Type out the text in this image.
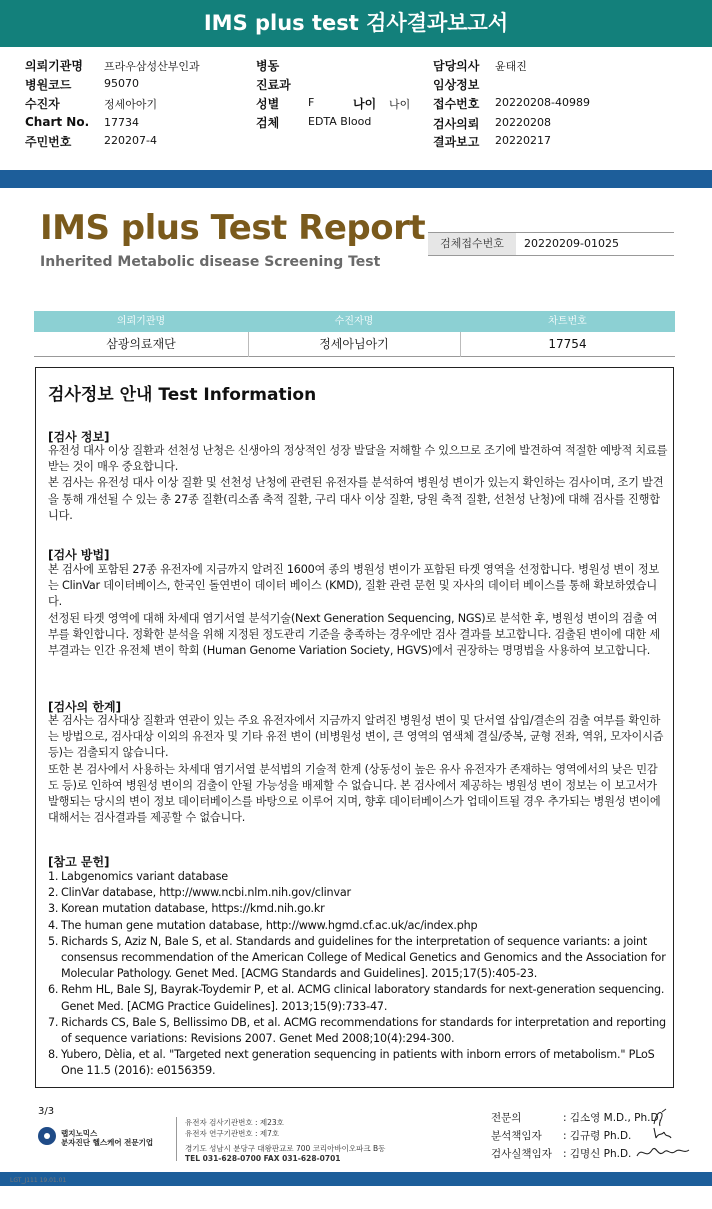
IMS plus test 검사결과보고서
의뢰기관명 프라우삼성산부인과
병원코드	95070
수진자	정세아아기
Chart No. 17734
주민번호	220207-4
병동
진료과
성별	F	나이 나이
검체	EDTA Blood
담당의사 윤태진
임상정보
접수번호 20220208-40989
검사의뢰 20220208
결과보고 20220217
IMS plus Test Report
Inherited Metabolic disease Screening Test
검체접수번호	20220209-01025
의뢰기관명	수진자명	차트번호
삼광의료재단	정세아님아기	17754
검사정보 안내 Test Information
[검사 정보]

유전성 대사 이상 질환과 선천성 난청은 신생아의 정상적인 성장 발달을 저해할 수 있으므로 조기에 발견하여 적절한 예방적 치료를 받는 것이 매우 중요합니다.

본 검사는 유전성 대사 이상 질환 및 선천성 난청에 관련된 유전자를 분석하여 병원성 변이가 있는지 확인하는 검사이며, 조기 발견을 통해 개선될 수 있는 총 27종 질환(리소좀 축적 질환, 구리 대사 이상 질환, 당원 축적 질환, 선천성 난청)에 대해 검사를 진행합니다.

[검사 방법]

본 검사에 포함된 27종 유전자에 지금까지 알려진 1600여 종의 병원성 변이가 포함된 타겟 영역을 선정합니다. 병원성 변이 정보는 ClinVar 데이터베이스, 한국인 돌연변이 데이터 베이스 (KMD), 질환 관련 문헌 및 자사의 데이터 베이스를 통해 확보하였습니다.

선정된 타겟 영역에 대해 차세대 염기서열 분석기술(Next Generation Sequencing, NGS)로 분석한 후, 병원성 변이의 검출 여부를 확인합니다. 정확한 분석을 위해 지정된 정도관리 기준을 충족하는 경우에만 검사 결과를 보고합니다. 검출된 변이에 대한 세부결과는 인간 유전체 변이 학회 (Human Genome Variation Society, HGVS)에서 권장하는 명명법을 사용하여 보고합니다.

[검사의 한계]

본 검사는 검사대상 질환과 연관이 있는 주요 유전자에서 지금까지 알려진 병원성 변이 및 단서열 삽입/결손의 검출 여부를 확인하는 방법으로, 검사대상 이외의 유전자 및 기타 유전 변이 (비병원성 변이, 큰 영역의 염색체 결실/중복, 균형 전좌, 역위, 모자이시즘 등)는 검출되지 않습니다.

또한 본 검사에서 사용하는 차세대 염기서열 분석법의 기술적 한계 (상동성이 높은 유사 유전자가 존재하는 영역에서의 낮은 민감도 등)로 인하여 병원성 변이의 검출이 안될 가능성을 배제할 수 없습니다. 본 검사에서 제공하는 병원성 변이 정보는 이 보고서가 발행되는 당시의 변이 정보 데이터베이스를 바탕으로 이루어 지며, 향후 데이터베이스가 업데이트될 경우 추가되는 병원성 변이에 대해서는 검사결과를 제공할 수 없습니다.

[참고 문헌]
1. Labgenomics variant database
2. ClinVar database, http://www.ncbi.nlm.nih.gov/clinvar
3. Korean mutation database, https://kmd.nih.go.kr
4. The human gene mutation database, http://www.hgmd.cf.ac.uk/ac/index.php
5. Richards S, Aziz N, Bale S, et al. Standards and guidelines for the interpretation of sequence variants: a joint consensus recommendation of the American College of Medical Genetics and Genomics and the Association for Molecular Pathology. Genet Med. [ACMG Standards and Guidelines]. 2015;17(5):405-23.
6. Rehm HL, Bale SJ, Bayrak-Toydemir P, et al. ACMG clinical laboratory standards for next-generation sequencing. Genet Med. [ACMG Practice Guidelines]. 2013;15(9):733-47.
7. Richards CS, Bale S, Bellissimo DB, et al. ACMG recommendations for standards for interpretation and reporting of sequence variations: Revisions 2007. Genet Med 2008;10(4):294-300.
8. Yubero, Dèlia, et al. "Targeted next generation sequencing in patients with inborn errors of metabolism." PLoS One 11.5 (2016): e0156359.
3/3
랩지노믹스
분자진단 헬스케어 전문기업
유전자 검사기관번호 : 제23호
유전자 연구기관번호 : 제7호
경기도 성남시 분당구 대왕판교로 700 코리아바이오파크 B동
TEL 031-628-0700 FAX 031-628-0701
전문의	: 김소영 M.D., Ph.D.
분석책임자 : 김규령 Ph.D.
검사실책임자 : 김명신 Ph.D.
LGT_J111 19.01.01
